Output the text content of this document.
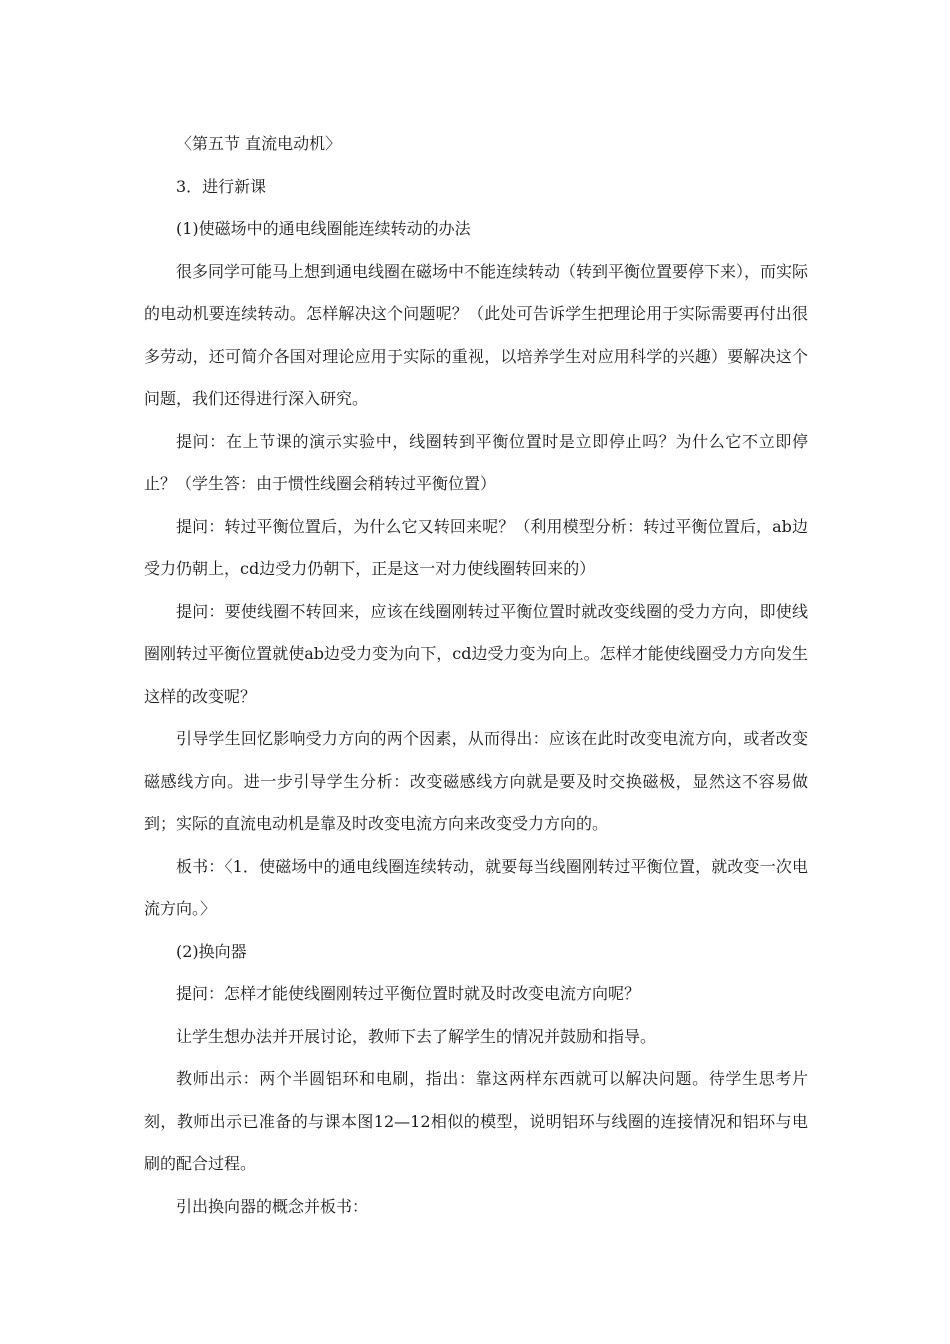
〈第五节 直流电动机〉

3．进行新课

(1)使磁场中的通电线圈能连续转动的办法

很多同学可能马上想到通电线圈在磁场中不能连续转动（转到平衡位置要停下来），而实际的电动机要连续转动。怎样解决这个问题呢？（此处可告诉学生把理论用于实际需要再付出很多劳动，还可简介各国对理论应用于实际的重视，以培养学生对应用科学的兴趣）要解决这个问题，我们还得进行深入研究。

提问：在上节课的演示实验中，线圈转到平衡位置时是立即停止吗？为什么它不立即停止？（学生答：由于惯性线圈会稍转过平衡位置）

提问：转过平衡位置后，为什么它又转回来呢？（利用模型分析：转过平衡位置后，ab边受力仍朝上，cd边受力仍朝下，正是这一对力使线圈转回来的）

提问：要使线圈不转回来，应该在线圈刚转过平衡位置时就改变线圈的受力方向，即使线圈刚转过平衡位置就使ab边受力变为向下，cd边受力变为向上。怎样才能使线圈受力方向发生这样的改变呢？

引导学生回忆影响受力方向的两个因素，从而得出：应该在此时改变电流方向，或者改变磁感线方向。进一步引导学生分析：改变磁感线方向就是要及时交换磁极，显然这不容易做到；实际的直流电动机是靠及时改变电流方向来改变受力方向的。

板书：〈1．使磁场中的通电线圈连续转动，就要每当线圈刚转过平衡位置，就改变一次电流方向。〉

(2)换向器

提问：怎样才能使线圈刚转过平衡位置时就及时改变电流方向呢？

让学生想办法并开展讨论，教师下去了解学生的情况并鼓励和指导。

教师出示：两个半圆铝环和电刷，指出：靠这两样东西就可以解决问题。待学生思考片刻，教师出示已准备的与课本图12—12相似的模型，说明铝环与线圈的连接情况和铝环与电刷的配合过程。

引出换向器的概念并板书：
